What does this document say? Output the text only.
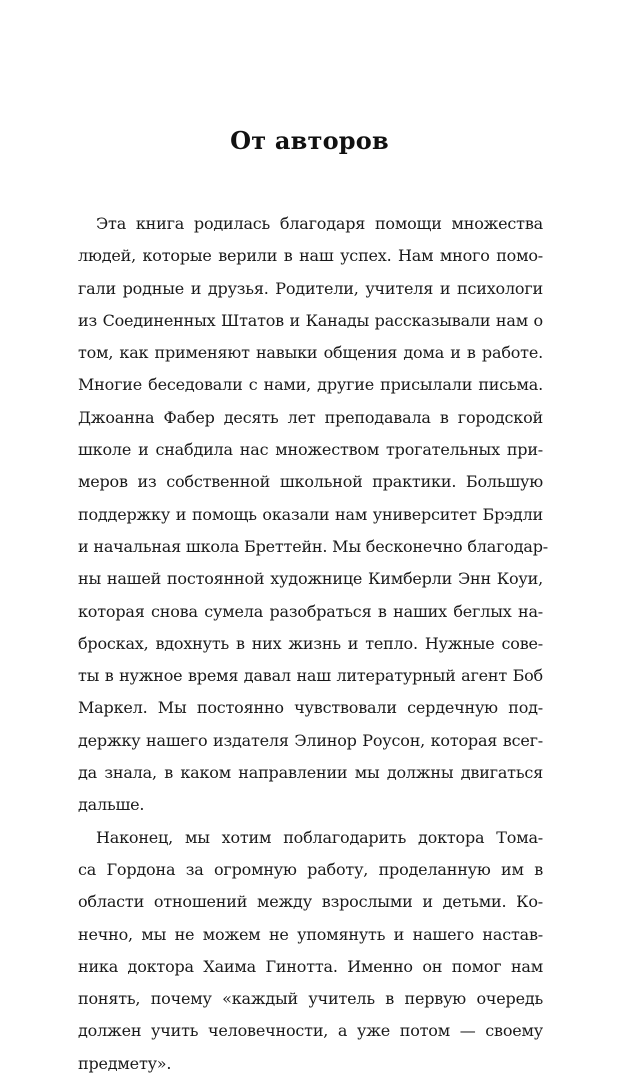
От авторов
Эта книга родилась благодаря помощи множества
людей, которые верили в наш успех. Нам много помо-
гали родные и друзья. Родители, учителя и психологи
из Соединенных Штатов и Канады рассказывали нам о
том, как применяют навыки общения дома и в работе.
Многие беседовали с нами, другие присылали письма.
Джоанна Фабер десять лет преподавала в городской
школе и снабдила нас множеством трогательных при-
меров из собственной школьной практики. Большую
поддержку и помощь оказали нам университет Брэдли
и начальная школа Бреттейн. Мы бесконечно благодар-
ны нашей постоянной художнице Кимберли Энн Коуи,
которая снова сумела разобраться в наших беглых на-
бросках, вдохнуть в них жизнь и тепло. Нужные сове-
ты в нужное время давал наш литературный агент Боб
Маркел. Мы постоянно чувствовали сердечную под-
держку нашего издателя Элинор Роусон, которая всег-
да знала, в каком направлении мы должны двигаться
дальше.
Наконец, мы хотим поблагодарить доктора Тома-
са Гордона за огромную работу, проделанную им в
области отношений между взрослыми и детьми. Ко-
нечно, мы не можем не упомянуть и нашего настав-
ника доктора Хаима Гинотта. Именно он помог нам
понять, почему «каждый учитель в первую очередь
должен учить человечности, а уже потом — своему
предмету».
